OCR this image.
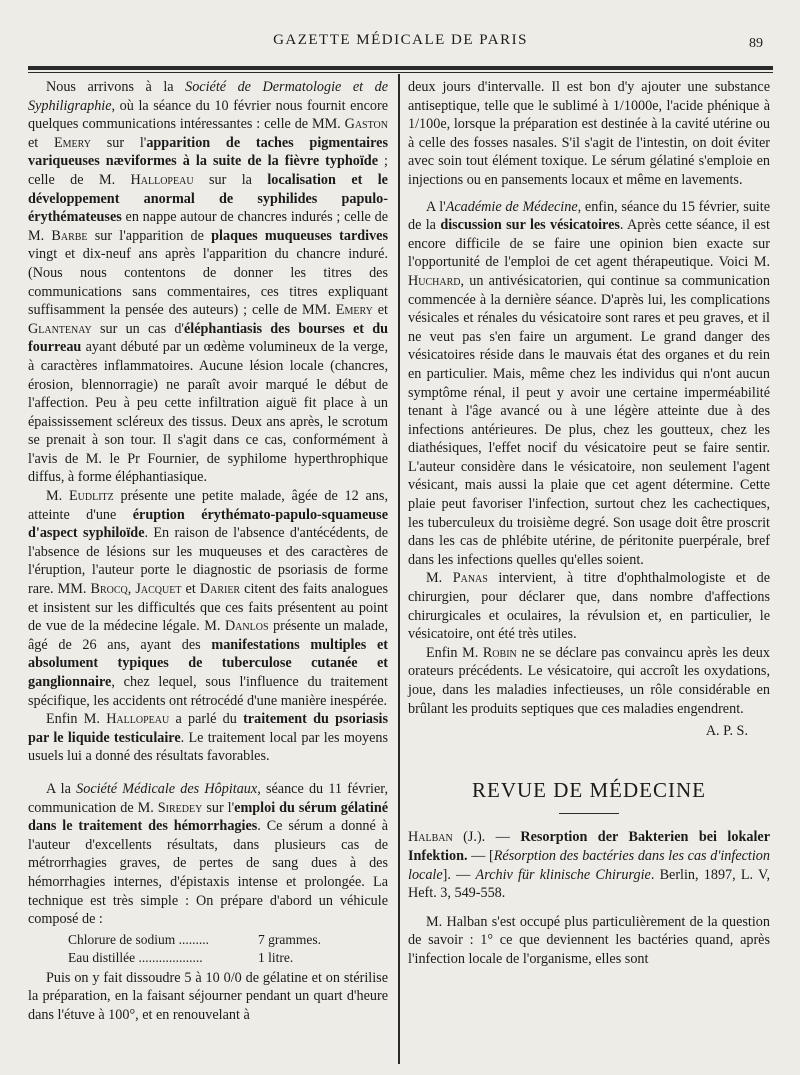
GAZETTE MÉDICALE DE PARIS	89

Nous arrivons à la Société de Dermatologie et de Syphiligraphie, où la séance du 10 février nous fournit encore quelques communications intéressantes : celle de MM. Gaston et Emery sur l'apparition de taches pigmentaires variqueuses næviformes à la suite de la fièvre typhoïde ; celle de M. Hallopeau sur la localisation et le développement anormal de syphilides papulo-érythémateuses en nappe autour de chancres indurés ; celle de M. Barbe sur l'apparition de plaques muqueuses tardives vingt et dix-neuf ans après l'apparition du chancre induré. (Nous nous contentons de donner les titres des communications sans commentaires, ces titres expliquant suffisamment la pensée des auteurs) ; celle de MM. Emery et Glantenay sur un cas d'éléphantiasis des bourses et du fourreau ayant débuté par un œdème volumineux de la verge, à caractères inflammatoires. Aucune lésion locale (chancres, érosion, blennorragie) ne paraît avoir marqué le début de l'affection. Peu à peu cette infiltration aiguë fit place à un épaississement scléreux des tissus. Deux ans après, le scrotum se prenait à son tour. Il s'agit dans ce cas, conformément à l'avis de M. le Pr Fournier, de syphilome hyperthrophique diffus, à forme éléphantiasique.

M. Eudlitz présente une petite malade, âgée de 12 ans, atteinte d'une éruption érythémato-papulo-squameuse d'aspect syphiloïde. En raison de l'absence d'antécédents, de l'absence de lésions sur les muqueuses et des caractères de l'éruption, l'auteur porte le diagnostic de psoriasis de forme rare. MM. Brocq, Jacquet et Darier citent des faits analogues et insistent sur les difficultés que ces faits présentent au point de vue de la médecine légale. M. Danlos présente un malade, âgé de 26 ans, ayant des manifestations multiples et absolument typiques de tuberculose cutanée et ganglionnaire, chez lequel, sous l'influence du traitement spécifique, les accidents ont rétrocédé d'une manière inespérée.

Enfin M. Hallopeau a parlé du traitement du psoriasis par le liquide testiculaire. Le traitement local par les moyens usuels lui a donné des résultats favorables.

A la Société Médicale des Hôpitaux, séance du 11 février, communication de M. Siredey sur l'emploi du sérum gélatiné dans le traitement des hémorrhagies. Ce sérum a donné à l'auteur d'excellents résultats, dans plusieurs cas de métrorrhagies graves, de pertes de sang dues à des hémorrhagies internes, d'épistaxis intense et prolongée. La technique est très simple : On prépare d'abord un véhicule composé de :

Chlorure de sodium .........	7 grammes.
Eau distillée ...................	1 litre.

Puis on y fait dissoudre 5 à 10 0/0 de gélatine et on stérilise la préparation, en la faisant séjourner pendant un quart d'heure dans l'étuve à 100°, et en renouvelant à

deux jours d'intervalle. Il est bon d'y ajouter une substance antiseptique, telle que le sublimé à 1/1000e, l'acide phénique à 1/100e, lorsque la préparation est destinée à la cavité utérine ou à celle des fosses nasales. S'il s'agit de l'intestin, on doit éviter avec soin tout élément toxique. Le sérum gélatiné s'emploie en injections ou en pansements locaux et même en lavements.

A l'Académie de Médecine, enfin, séance du 15 février, suite de la discussion sur les vésicatoires. Après cette séance, il est encore difficile de se faire une opinion bien exacte sur l'opportunité de l'emploi de cet agent thérapeutique. Voici M. Huchard, un antivésicatorien, qui continue sa communication commencée à la dernière séance. D'après lui, les complications vésicales et rénales du vésicatoire sont rares et peu graves, et il ne veut pas s'en faire un argument. Le grand danger des vésicatoires réside dans le mauvais état des organes et du rein en particulier. Mais, même chez les individus qui n'ont aucun symptôme rénal, il peut y avoir une certaine imperméabilité tenant à l'âge avancé ou à une légère atteinte due à des infections antérieures. De plus, chez les goutteux, chez les diathésiques, l'effet nocif du vésicatoire peut se faire sentir. L'auteur considère dans le vésicatoire, non seulement l'agent vésicant, mais aussi la plaie que cet agent détermine. Cette plaie peut favoriser l'infection, surtout chez les cachectiques, les tuberculeux du troisième degré. Son usage doit être proscrit dans les cas de phlébite utérine, de péritonite puerpérale, bref dans les infections quelles qu'elles soient.

M. Panas intervient, à titre d'ophthalmologiste et de chirurgien, pour déclarer que, dans nombre d'affections chirurgicales et oculaires, la révulsion et, en particulier, le vésicatoire, ont été très utiles.

Enfin M. Robin ne se déclare pas convaincu après les deux orateurs précédents. Le vésicatoire, qui accroît les oxydations, joue, dans les maladies infectieuses, un rôle considérable en brûlant les produits septiques que ces maladies engendrent.

A. P. S.

REVUE DE MÉDECINE

Halban (J.). — Resorption der Bakterien bei lokaler Infektion. — [Résorption des bactéries dans les cas d'infection locale]. — Archiv für klinische Chirurgie. Berlin, 1897, L. V, Heft. 3, 549-558.

M. Halban s'est occupé plus particulièrement de la question de savoir : 1° ce que deviennent les bactéries quand, après l'infection locale de l'organisme, elles sont
